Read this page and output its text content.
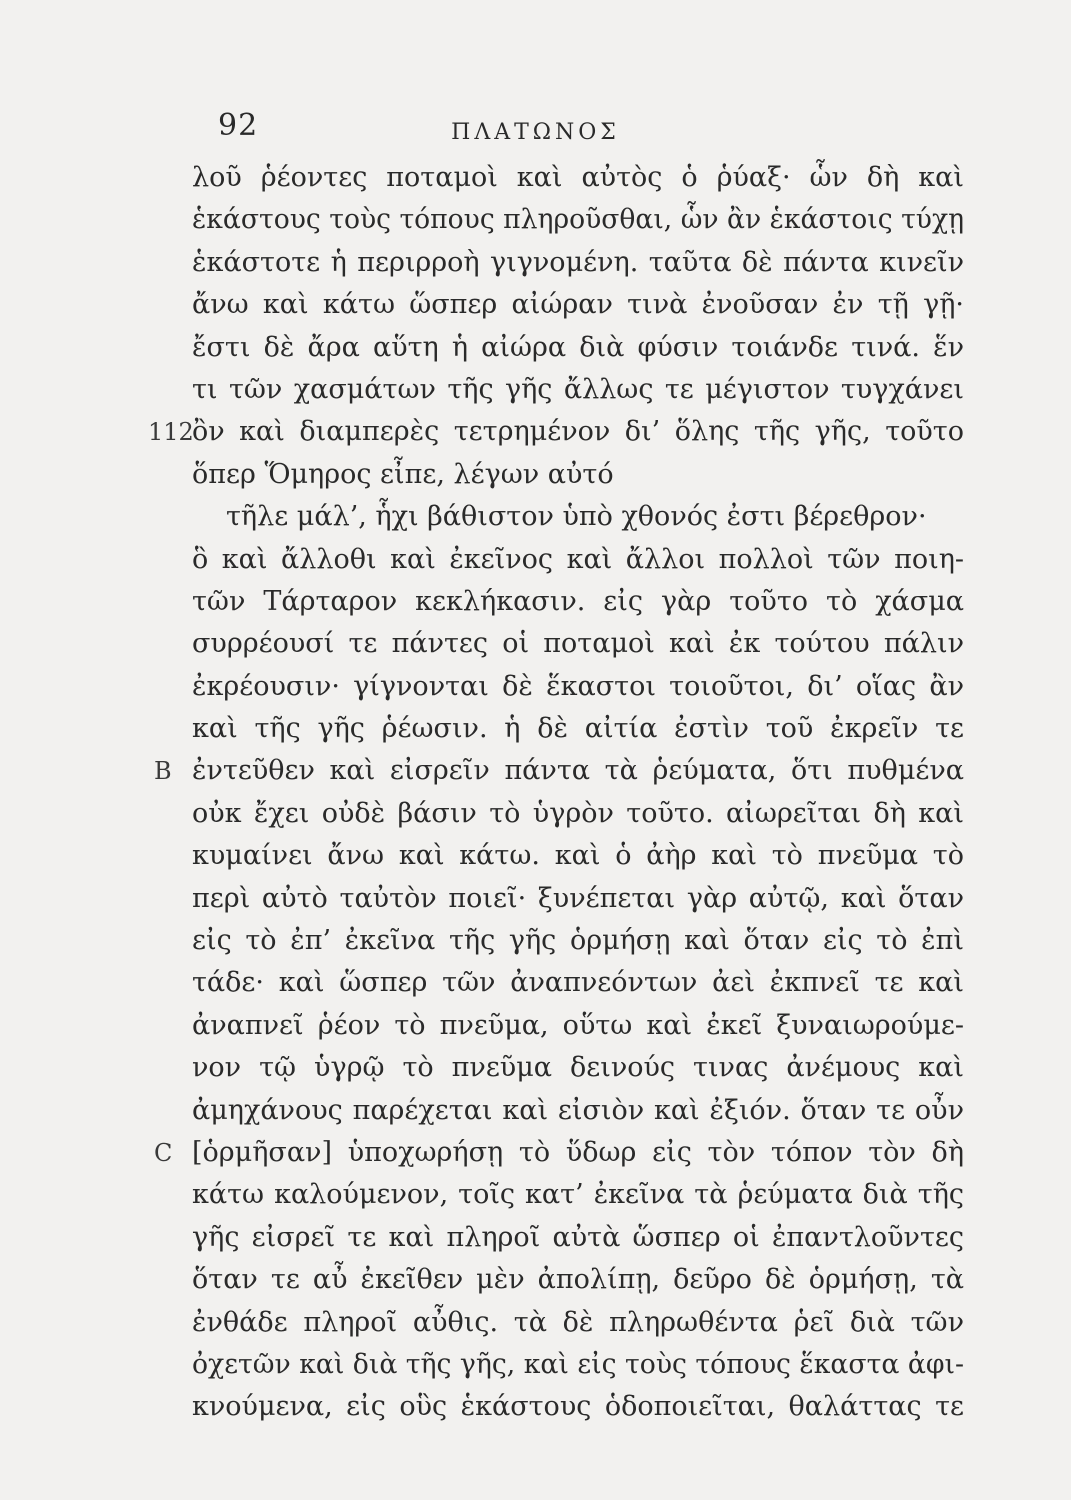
92	ΠΛΑΤΩΝΟΣ
λοῦ ῥέοντες ποταμοὶ καὶ αὐτὸς ὁ ῥύαξ· ὧν δὴ καὶ
ἑκάστους τοὺς τόπους πληροῦσθαι, ὧν ἂν ἑκάστοις τύχῃ
ἑκάστοτε ἡ περιρροὴ γιγνομένη. ταῦτα δὲ πάντα κινεῖν
ἄνω καὶ κάτω ὥσπερ αἰώραν τινὰ ἐνοῦσαν ἐν τῇ γῇ·
ἔστι δὲ ἄρα αὕτη ἡ αἰώρα διὰ φύσιν τοιάνδε τινά. ἕν
τι τῶν χασμάτων τῆς γῆς ἄλλως τε μέγιστον τυγχάνει
112
ὂν καὶ διαμπερὲς τετρημένον δι’ ὅλης τῆς γῆς, τοῦτο
ὅπερ Ὅμηρος εἶπε, λέγων αὐτό
τῆλε μάλ’, ἧχι βάθιστον ὑπὸ χθονός ἐστι βέρεθρον·
ὃ καὶ ἄλλοθι καὶ ἐκεῖνος καὶ ἄλλοι πολλοὶ τῶν ποιη-
τῶν Τάρταρον κεκλήκασιν. εἰς γὰρ τοῦτο τὸ χάσμα
συρρέουσί τε πάντες οἱ ποταμοὶ καὶ ἐκ τούτου πάλιν
ἐκρέουσιν· γίγνονται δὲ ἕκαστοι τοιοῦτοι, δι’ οἵας ἂν
καὶ τῆς γῆς ῥέωσιν. ἡ δὲ αἰτία ἐστὶν τοῦ ἐκρεῖν τε
B ἐντεῦθεν καὶ εἰσρεῖν πάντα τὰ ῥεύματα, ὅτι πυθμένα
οὐκ ἔχει οὐδὲ βάσιν τὸ ὑγρὸν τοῦτο. αἰωρεῖται δὴ καὶ
κυμαίνει ἄνω καὶ κάτω. καὶ ὁ ἀὴρ καὶ τὸ πνεῦμα τὸ
περὶ αὐτὸ ταὐτὸν ποιεῖ· ξυνέπεται γὰρ αὐτῷ, καὶ ὅταν
εἰς τὸ ἐπ’ ἐκεῖνα τῆς γῆς ὁρμήσῃ καὶ ὅταν εἰς τὸ ἐπὶ
τάδε· καὶ ὥσπερ τῶν ἀναπνεόντων ἀεὶ ἐκπνεῖ τε καὶ
ἀναπνεῖ ῥέον τὸ πνεῦμα, οὕτω καὶ ἐκεῖ ξυναιωρούμε-
νον τῷ ὑγρῷ τὸ πνεῦμα δεινούς τινας ἀνέμους καὶ
ἀμηχάνους παρέχεται καὶ εἰσιὸν καὶ ἐξιόν. ὅταν τε οὖν
C [ὁρμῆσαν] ὑποχωρήσῃ τὸ ὕδωρ εἰς τὸν τόπον τὸν δὴ
κάτω καλούμενον, τοῖς κατ’ ἐκεῖνα τὰ ῥεύματα διὰ τῆς
γῆς εἰσρεῖ τε καὶ πληροῖ αὐτὰ ὥσπερ οἱ ἐπαντλοῦντες
ὅταν τε αὖ ἐκεῖθεν μὲν ἀπολίπῃ, δεῦρο δὲ ὁρμήσῃ, τὰ
ἐνθάδε πληροῖ αὖθις. τὰ δὲ πληρωθέντα ῥεῖ διὰ τῶν
ὀχετῶν καὶ διὰ τῆς γῆς, καὶ εἰς τοὺς τόπους ἕκαστα ἀφι-
κνούμενα, εἰς οὓς ἑκάστους ὁδοποιεῖται, θαλάττας τε
